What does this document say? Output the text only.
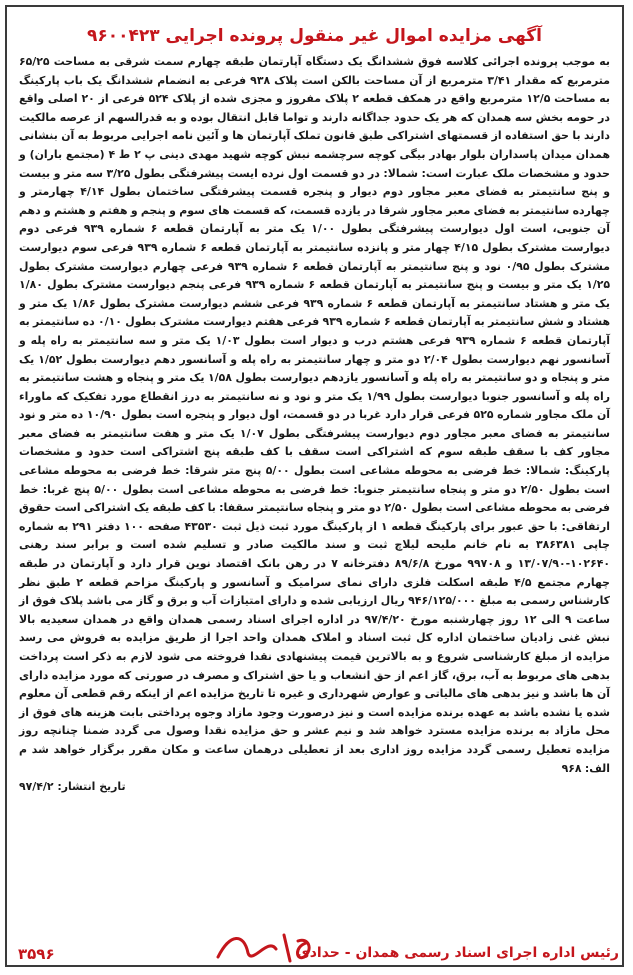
آگهی مزایده اموال غیر منقول پرونده اجرایی ۹۶۰۰۴۲۳

به موجب پرونده اجرائی کلاسه فوق ششدانگ یک دستگاه آپارتمان طبقه چهارم سمت شرقی به مساحت ۶۵/۲۵ مترمربع که مقدار ۳/۴۱ مترمربع از آن مساحت بالکن است پلاک ۹۳۸ فرعی به انضمام ششدانگ یک باب پارکینگ به مساحت ۱۲/۵ مترمربع واقع در همکف قطعه ۲ پلاک مفروز و مجزی شده از پلاک ۵۲۴ فرعی از ۲۰ اصلی واقع در حومه بخش سه همدان که هر یک حدود جداگانه دارند و تواما قابل انتقال بوده و به قدرالسهم از عرصه مالکیت دارند با حق استفاده از قسمتهای اشتراکی طبق قانون تملک آپارتمان ها و آئین نامه اجرایی مربوط به آن بنشانی همدان میدان پاسداران بلوار بهادر بیگی کوچه سرچشمه نبش کوچه شهید مهدی دینی پ ۲ ط ۴ (مجتمع باران) و حدود و مشخصات ملک عبارت است: شمالا: در دو قسمت اول نرده ایست پیشرفتگی بطول ۳/۲۵ سه متر و بیست و پنج سانتیمتر به فضای معبر مجاور دوم دیوار و پنجره قسمت پیشرفتگی ساختمان بطول ۴/۱۴ چهارمتر و چهارده سانتیمتر به فضای معبر مجاور شرقا در یازده قسمت، که قسمت های سوم و پنجم و هفتم و هشتم و دهم آن جنوبی، است اول دیوارست پیشرفتگی بطول ۱/۰۰ یک متر به آپارتمان قطعه ۶ شماره ۹۳۹ فرعی دوم دیوارست مشترک بطول ۴/۱۵ چهار متر و پانزده سانتیمتر به آپارتمان قطعه ۶ شماره ۹۳۹ فرعی سوم دیوارست مشترک بطول ۰/۹۵ نود و پنج سانتیمتر به آپارتمان قطعه ۶ شماره ۹۳۹ فرعی چهارم دیوارست مشترک بطول ۱/۲۵ یک متر و بیست و پنج سانتیمتر به آپارتمان قطعه ۶ شماره ۹۳۹ فرعی پنجم دیوارست مشترک بطول ۱/۸۰ یک متر و هشتاد سانتیمتر به آپارتمان قطعه ۶ شماره ۹۳۹ فرعی ششم دیوارست مشترک بطول ۱/۸۶ یک متر و هشتاد و شش سانتیمتر به آپارتمان قطعه ۶ شماره ۹۳۹ فرعی هفتم دیوارست مشترک بطول ۰/۱۰ ده سانتیمتر به آپارتمان قطعه ۶ شماره ۹۳۹ فرعی هشتم درب و دیوار است بطول ۱/۰۳ یک متر و سه سانتیمتر به راه پله و آسانسور نهم دیوارست بطول ۲/۰۴ دو متر و چهار سانتیمتر به راه پله و آسانسور دهم دیوارست بطول ۱/۵۲ یک متر و پنجاه و دو سانتیمتر به راه پله و آسانسور یازدهم دیوارست بطول ۱/۵۸ یک متر و پنجاه و هشت سانتیمتر به راه پله و آسانسور جنوبا دیوارست بطول ۱/۹۹ یک متر و نود و نه سانتیمتر به درز انقطاع مورد تفکیک که ماوراء آن ملک مجاور شماره ۵۲۵ فرعی قرار دارد غربا در دو قسمت، اول دیوار و پنجره است بطول ۱۰/۹۰ ده متر و نود سانتیمتر به فضای معبر مجاور دوم دیوارست پیشرفتگی بطول ۱/۰۷ یک متر و هفت سانتیمتر به فضای معبر مجاور کف با سقف طبقه سوم که اشتراکی است سقف با کف طبقه پنج اشتراکی است حدود و مشخصات پارکینگ: شمالا: خط فرضی به محوطه مشاعی است بطول ۵/۰۰ پنج متر شرقا: خط فرضی به محوطه مشاعی است بطول ۲/۵۰ دو متر و پنجاه سانتیمتر جنوبا: خط فرضی به محوطه مشاعی است بطول ۵/۰۰ پنج غربا: خط فرضی به محوطه مشاعی است بطول ۲/۵۰ دو متر و پنجاه سانتیمتر سقفا: با کف طبقه یک اشتراکی است حقوق ارتفاقی: با حق عبور برای پارکینگ قطعه ۱ از پارکینگ مورد ثبت ذیل ثبت ۴۳۵۳۰ صفحه ۱۰۰ دفتر ۲۹۱ به شماره چاپی ۳۸۶۳۸۱ به نام خانم ملیحه لیلاچ ثبت و سند مالکیت صادر و تسلیم شده است و برابر سند رهنی ۱۰۲۶۴۰-۱۳/۰۷/۹۰ و ۹۹۷۰۸ مورخ ۸۹/۶/۸ دفترخانه ۷ در رهن بانک اقتصاد نوین قرار دارد و آپارتمان در طبقه چهارم مجتمع ۴/۵ طبقه اسکلت فلزی دارای نمای سرامیک و آسانسور و پارکینگ مزاحم قطعه ۲ طبق نظر کارشناس رسمی به مبلغ ۹۴۶/۱۲۵/۰۰۰ ریال ارزیابی شده و دارای امتیازات آب و برق و گاز می باشد پلاک فوق از ساعت ۹ الی ۱۲ روز چهارشنبه مورخ ۹۷/۴/۲۰ در اداره اجرای اسناد رسمی همدان واقع در همدان سعیدیه بالا نبش غنی زادیان ساختمان اداره کل ثبت اسناد و املاک همدان واحد اجرا از طریق مزایده به فروش می رسد مزایده از مبلغ کارشناسی شروع و به بالاترین قیمت پیشنهادی نقدا فروخته می شود لازم به ذکر است پرداخت بدهی های مربوط به آب، برق، گاز اعم از حق انشعاب و یا حق اشتراک و مصرف در صورتی که مورد مزایده دارای آن ها باشد و نیز بدهی های مالیاتی و عوارض شهرداری و غیره تا تاریخ مزایده اعم از اینکه رقم قطعی آن معلوم شده یا نشده باشد به عهده برنده مزایده است و نیز درصورت وجود مازاد وجوه پرداختی بابت هزینه های فوق از محل مازاد به برنده مزایده مسترد خواهد شد و نیم عشر و حق مزایده نقدا وصول می گردد ضمنا چنانچه روز مزایده تعطیل رسمی گردد مزایده روز اداری بعد از تعطیلی درهمان ساعت و مکان مقرر برگزار خواهد شد م الف: ۹۶۸

تاریخ انتشار: ۹۷/۴/۲
رئیس اداره اجرای اسناد رسمی همدان - حدادی
۳۵۹۶
